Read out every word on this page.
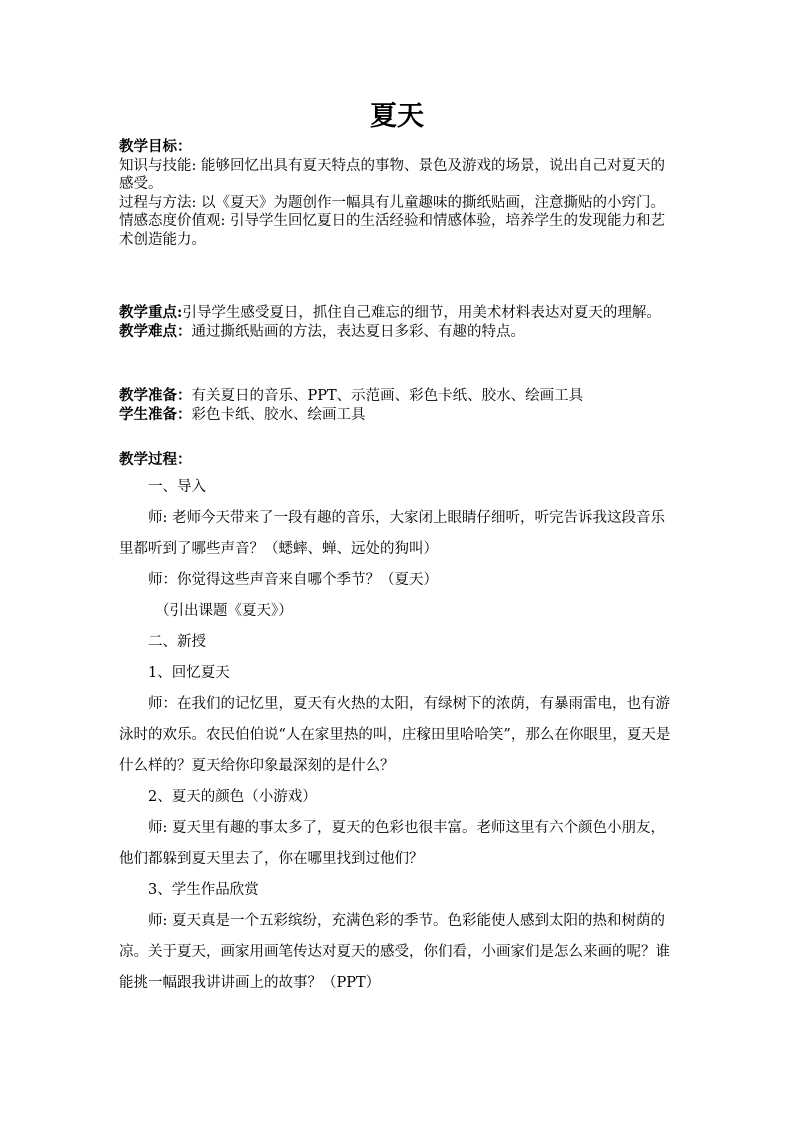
夏天

教学目标：

知识与技能: 能够回忆出具有夏天特点的事物、景色及游戏的场景，说出自己对夏天的感受。

过程与方法: 以《夏天》为题创作一幅具有儿童趣味的撕纸贴画，注意撕贴的小窍门。

情感态度价值观: 引导学生回忆夏日的生活经验和情感体验，培养学生的发现能力和艺术创造能力。

教学重点:引导学生感受夏日，抓住自己难忘的细节，用美术材料表达对夏天的理解。

教学难点：通过撕纸贴画的方法，表达夏日多彩、有趣的特点。

教学准备：有关夏日的音乐、PPT、示范画、彩色卡纸、胶水、绘画工具

学生准备：彩色卡纸、胶水、绘画工具

教学过程：

一、导入

师: 老师今天带来了一段有趣的音乐，大家闭上眼睛仔细听，听完告诉我这段音乐里都听到了哪些声音？（蟋蟀、蝉、远处的狗叫）

师：你觉得这些声音来自哪个季节？（夏天）

（引出课题《夏天》）

二、新授

1、回忆夏天

师：在我们的记忆里，夏天有火热的太阳，有绿树下的浓荫，有暴雨雷电，也有游泳时的欢乐。农民伯伯说“人在家里热的叫，庄稼田里哈哈笑”，那么在你眼里，夏天是什么样的？夏天给你印象最深刻的是什么？

2、夏天的颜色（小游戏）

师: 夏天里有趣的事太多了，夏天的色彩也很丰富。老师这里有六个颜色小朋友，他们都躲到夏天里去了，你在哪里找到过他们？

3、学生作品欣赏

师: 夏天真是一个五彩缤纷，充满色彩的季节。色彩能使人感到太阳的热和树荫的凉。关于夏天，画家用画笔传达对夏天的感受，你们看，小画家们是怎么来画的呢？谁能挑一幅跟我讲讲画上的故事？（PPT）
